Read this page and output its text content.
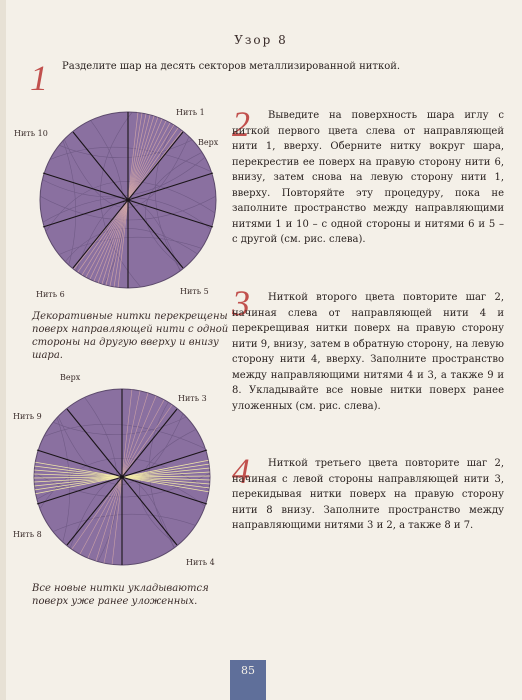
Узор 8
1 Разделите шар на десять секторов металлизированной ниткой.
Нить 1
Нить 10
Верх
Нить 6	Нить 5
Декоративные нитки перекрещены поверх направляющей нити с одной стороны на другую вверху и внизу шара.
Верх
Нить 3
Нить 9
Нить 8
Нить 4
Все новые нитки укладываются поверх уже ранее уложенных.
2	Выведите на поверхность шара иглу с ниткой первого цвета слева от направляющей нити 1, вверху. Оберните нитку вокруг шара, перекрестив ее поверх на правую сторону нити 6, внизу, затем снова на левую сторону нити 1, вверху. Повторяйте эту процедуру, пока не заполните пространство между направляющими нитями 1 и 10 – с одной стороны и нитями 6 и 5 – с другой (см. рис. слева).
3	Ниткой второго цвета повторите шаг 2, начиная слева от направляющей нити 4 и перекрещивая нитки поверх на правую сторону нити 9, внизу, затем в обратную сторону, на левую сторону нити 4, вверху. Заполните пространство между направляющими нитями 4 и 3, а также 9 и 8. Укладывайте все новые нитки поверх ранее уложенных (см. рис. слева).
4	Ниткой третьего цвета повторите шаг 2, начиная с левой стороны направляющей нити 3, перекидывая нитки поверх на правую сторону нити 8 внизу. Заполните пространство между направляющими нитями 3 и 2, а также 8 и 7.
85
